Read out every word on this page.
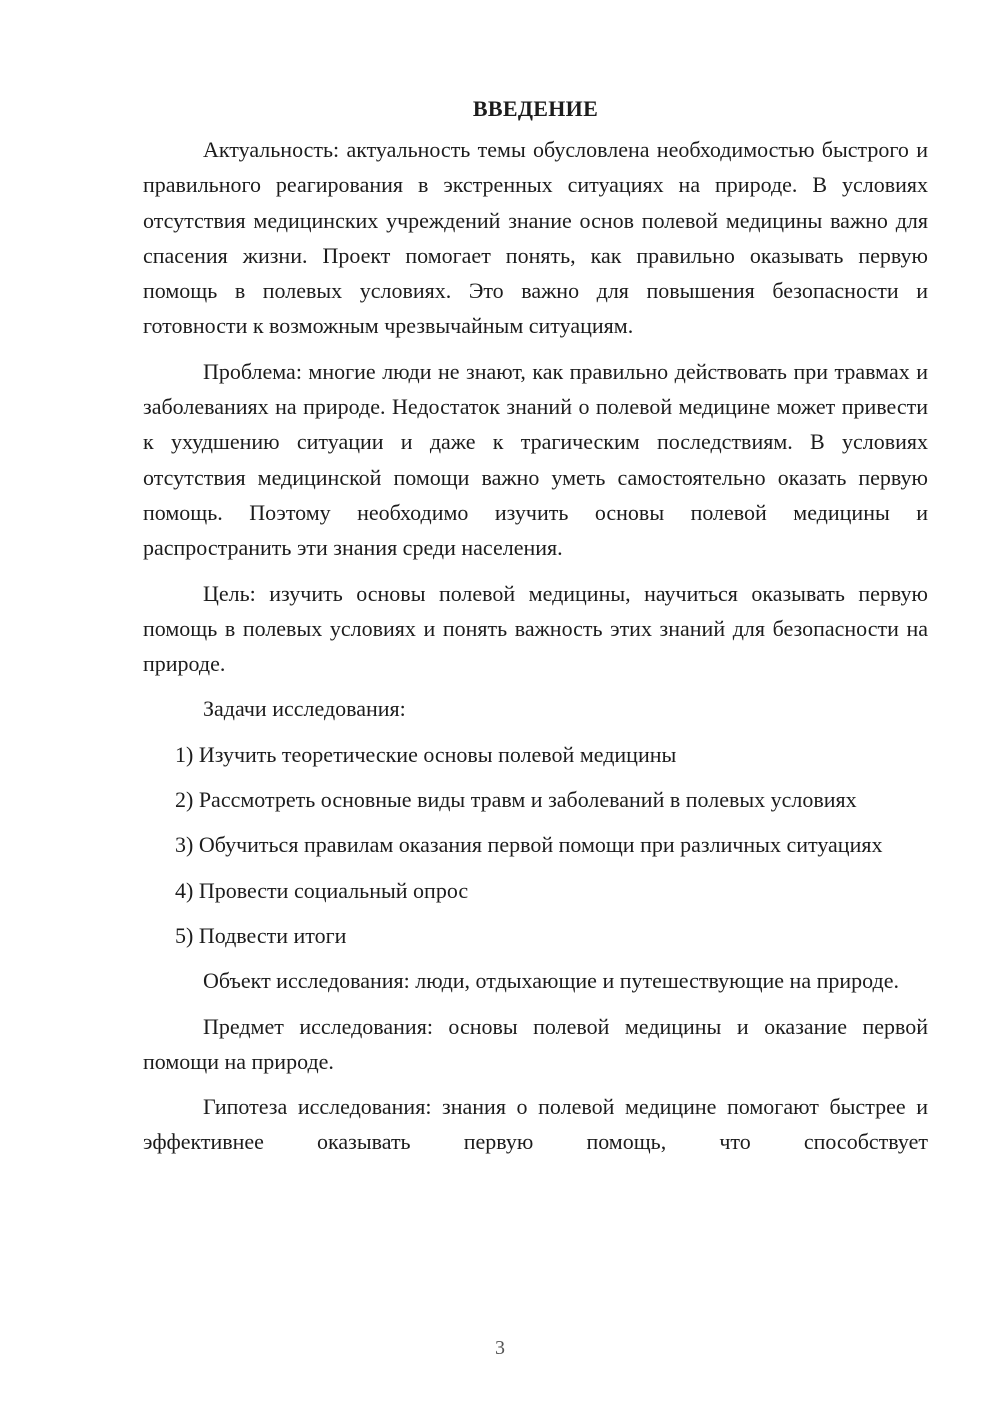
ВВЕДЕНИЕ

Актуальность: актуальность темы обусловлена необходимостью быстрого и правильного реагирования в экстренных ситуациях на природе. В условиях отсутствия медицинских учреждений знание основ полевой медицины важно для спасения жизни. Проект помогает понять, как правильно оказывать первую помощь в полевых условиях. Это важно для повышения безопасности и готовности к возможным чрезвычайным ситуациям.

Проблема: многие люди не знают, как правильно действовать при травмах и заболеваниях на природе. Недостаток знаний о полевой медицине может привести к ухудшению ситуации и даже к трагическим последствиям. В условиях отсутствия медицинской помощи важно уметь самостоятельно оказать первую помощь. Поэтому необходимо изучить основы полевой медицины и распространить эти знания среди населения.

Цель: изучить основы полевой медицины, научиться оказывать первую помощь в полевых условиях и понять важность этих знаний для безопасности на природе.

Задачи исследования:

1) Изучить теоретические основы полевой медицины

2) Рассмотреть основные виды травм и заболеваний в полевых условиях

3) Обучиться правилам оказания первой помощи при различных ситуациях

4) Провести социальный опрос

5) Подвести итоги

Объект исследования: люди, отдыхающие и путешествующие на природе.

Предмет исследования: основы полевой медицины и оказание первой помощи на природе.

Гипотеза исследования: знания о полевой медицине помогают быстрее и эффективнее оказывать первую помощь, что способствует

3
